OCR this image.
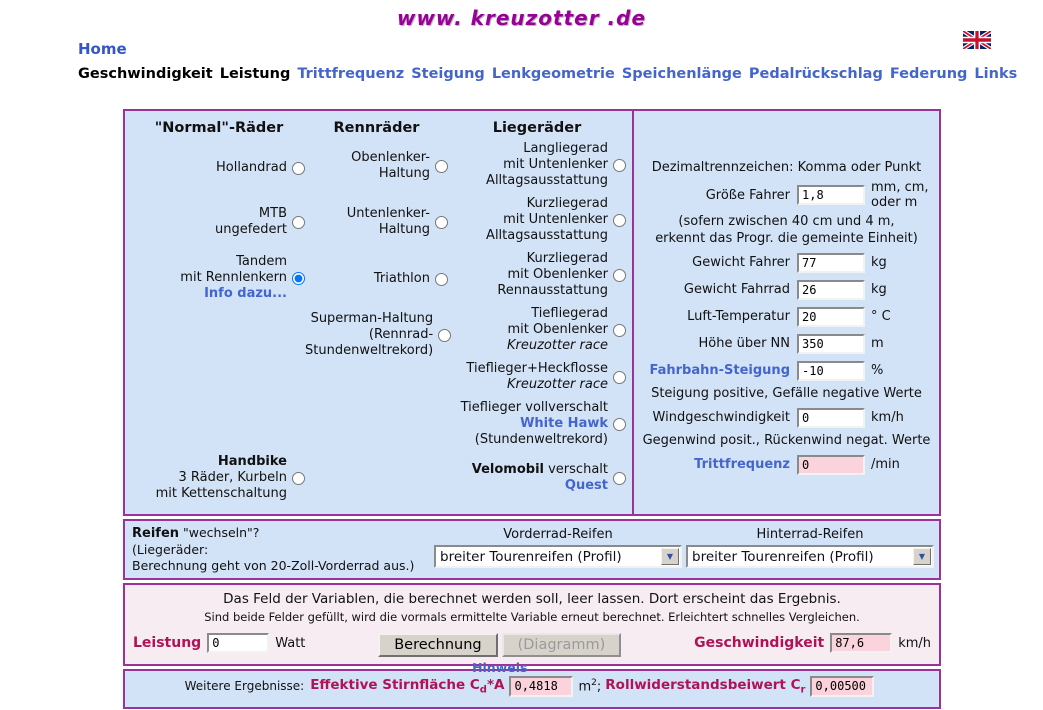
www. kreuzotter .de
Home
Geschwindigkeit Leistung Trittfrequenz Steigung Lenkgeometrie Speichenlänge Pedalrückschlag Federung Links
"Normal"-Räder
Hollandrad
MTB
ungefedert
Tandem
mit Rennlenkern
Info dazu...
Handbike
3 Räder, Kurbeln
mit Kettenschaltung
Rennräder
Obenlenker-
Haltung
Untenlenker-
Haltung
Triathlon
Superman-Haltung
(Rennrad-
Stundenweltrekord)
Liegeräder
Langliegerad
mit Untenlenker
Alltagsausstattung
Kurzliegerad
mit Untenlenker
Alltagsausstattung
Kurzliegerad
mit Obenlenker
Rennausstattung
Tiefliegerad
mit Obenlenker
Kreuzotter race
Tieflieger+Heckflosse
Kreuzotter race
Tieflieger vollverschalt
White Hawk
(Stundenweltrekord)
Velomobil verschalt
Quest
Dezimaltrennzeichen: Komma oder Punkt
Größe Fahrer
1,8	mm, cm,
oder m
(sofern zwischen 40 cm und 4 m,
erkennt das Progr. die gemeinte Einheit)
Gewicht Fahrer
77	kg
Gewicht Fahrrad
26	kg
Luft-Temperatur
20	° C
Höhe über NN
350	m
Fahrbahn-Steigung
-10	%
Steigung positive, Gefälle negative Werte
Windgeschwindigkeit
0	km/h
Gegenwind posit., Rückenwind negat. Werte
Trittfrequenz
0	/min
Reifen "wechseln"?
(Liegeräder:
Berechnung geht von 20-Zoll-Vorderrad aus.)
Vorderrad-Reifen
breiter Tourenreifen (Profil)	▼
Hinterrad-Reifen
breiter Tourenreifen (Profil)	▼
Das Feld der Variablen, die berechnet werden soll, leer lassen. Dort erscheint das Ergebnis.
Sind beide Felder gefüllt, wird die vormals ermittelte Variable erneut berechnet. Erleichtert schnelles Vergleichen.
Leistung
0	Watt	Berechnung	(Diagramm)
Hinweis
Geschwindigkeit
87,6	km/h
Weitere Ergebnisse: Effektive Stirnfläche $C_d*A$
0,4818	$m^2$; Rollwiderstandsbeiwert $C_r$
0,00500
